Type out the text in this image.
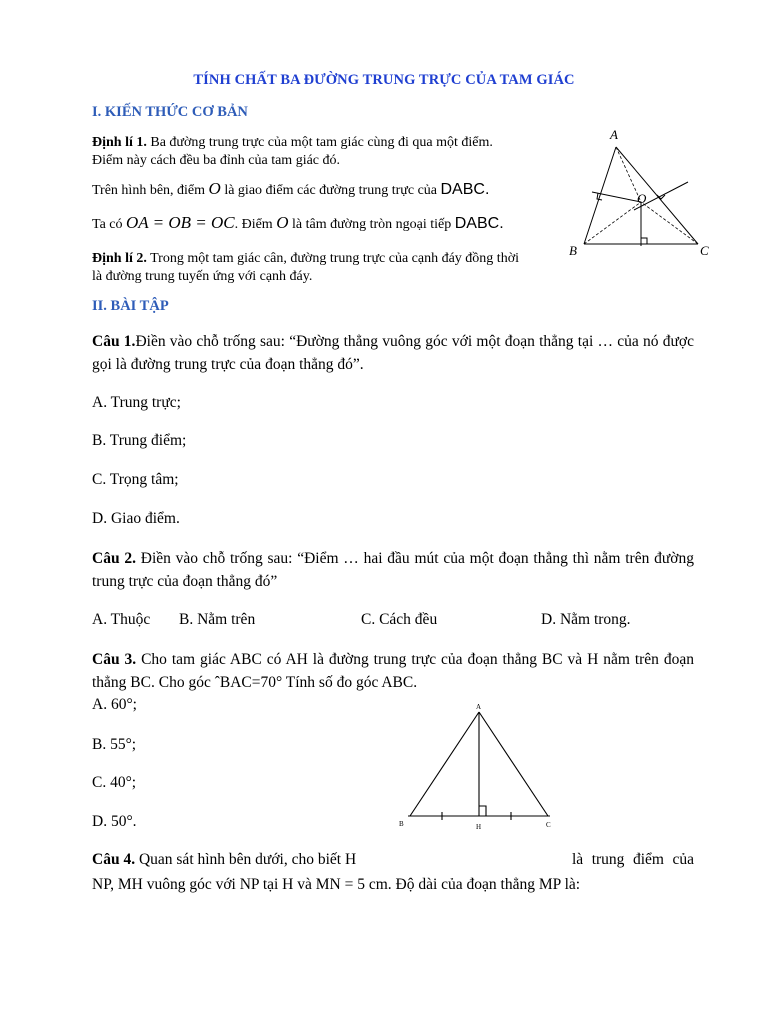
TÍNH CHẤT BA ĐƯỜNG TRUNG TRỰC CỦA TAM GIÁC
I. KIẾN THỨC CƠ BẢN
Định lí 1. Ba đường trung trực của một tam giác cùng đi qua một điểm.
Điểm này cách đều ba đỉnh của tam giác đó.
Trên hình bên, điểm O là giao điểm các đường trung trực của DABC.
Ta có OA = OB = OC. Điểm O là tâm đường tròn ngoại tiếp DABC.
Định lí 2. Trong một tam giác cân, đường trung trực của cạnh đáy đồng thời
là đường trung tuyến ứng với cạnh đáy.
A
B	C
O
II. BÀI TẬP
Câu 1.Điền vào chỗ trống sau: “Đường thẳng vuông góc với một đoạn thẳng tại … của nó được gọi là đường trung trực của đoạn thẳng đó”.
A. Trung trực;
B. Trung điểm;
C. Trọng tâm;
D. Giao điểm.
Câu 2. Điền vào chỗ trống sau: “Điểm … hai đầu mút của một đoạn thẳng thì nằm trên đường trung trực của đoạn thẳng đó”
A. Thuộc B. Nằm trên	C. Cách đều	D. Nằm trong.
Câu 3. Cho tam giác ABC có AH là đường trung trực của đoạn thẳng BC và H nằm trên đoạn thẳng BC. Cho góc ˆBAC=70° Tính số đo góc ABC.
A. 60°;
B. 55°;
C. 40°;
D. 50°.
A
B	C
H
Câu 4. Quan sát hình bên dưới, cho biết H	là trung điểm của
NP, MH vuông góc với NP tại H và MN = 5 cm. Độ dài của đoạn thẳng MP là:
